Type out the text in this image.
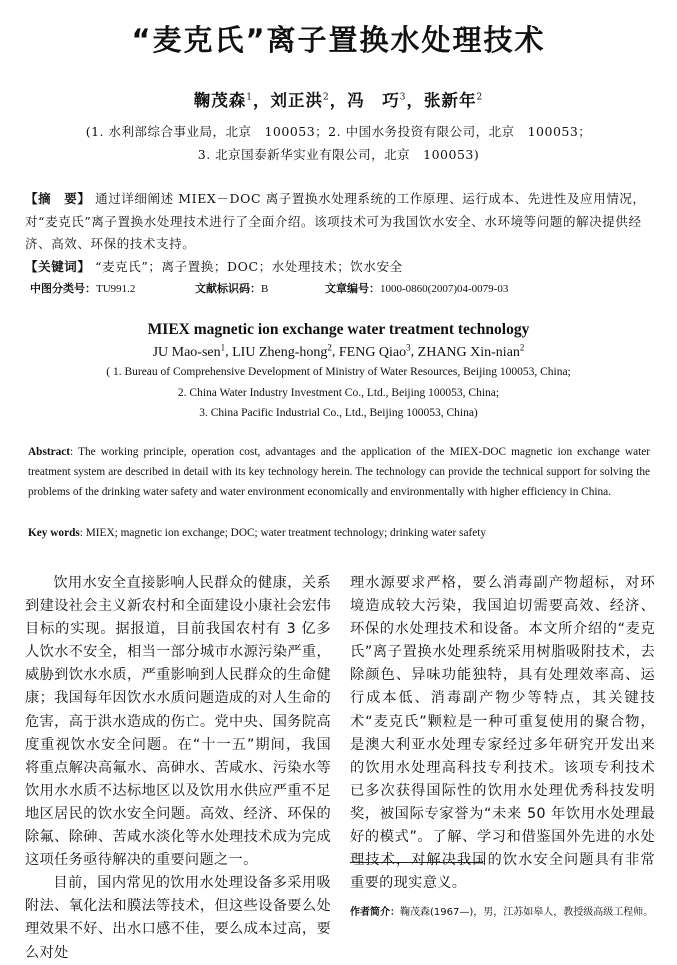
“麦克氏”离子置换水处理技术
鞠茂森$^1$，刘正洪$^2$，冯　巧$^3$，张新年$^2$
(1. 水利部综合事业局，北京　100053；2. 中国水务投资有限公司，北京　100053；
3. 北京国泰新华实业有限公司，北京　100053)
【摘　要】 通过详细阐述 MIEX－DOC 离子置换水处理系统的工作原理、运行成本、先进性及应用情况，对“麦克氏”离子置换水处理技术进行了全面介绍。该项技术可为我国饮水安全、水环境等问题的解决提供经济、高效、环保的技术支持。
【关键词】 “麦克氏”；离子置换；DOC；水处理技术；饮水安全
中图分类号：TU991.2	文献标识码：B	文章编号：1000-0860(2007)04-0079-03
MIEX magnetic ion exchange water treatment technology
JU Mao-sen$^1$, LIU Zheng-hong$^2$, FENG Qiao$^3$, ZHANG Xin-nian$^2$
( 1. Bureau of Comprehensive Development of Ministry of Water Resources, Beijing 100053, China;
2. China Water Industry Investment Co., Ltd., Beijing 100053, China;
3. China Pacific Industrial Co., Ltd., Beijing 100053, China)
Abstract: The working principle, operation cost, advantages and the application of the MIEX-DOC magnetic ion exchange water treatment system are described in detail with its key technology herein. The technology can provide the technical support for solving the problems of the drinking water safety and water environment economically and environmentally with higher efficiency in China.
Key words: MIEX; magnetic ion exchange; DOC; water treatment technology; drinking water safety

饮用水安全直接影响人民群众的健康，关系到建设社会主义新农村和全面建设小康社会宏伟目标的实现。据报道，目前我国农村有 3 亿多人饮水不安全，相当一部分城市水源污染严重，威胁到饮水水质，严重影响到人民群众的生命健康；我国每年因饮水水质问题造成的对人生命的危害，高于洪水造成的伤亡。党中央、国务院高度重视饮水安全问题。在“十一五”期间，我国将重点解决高氟水、高砷水、苦咸水、污染水等饮用水水质不达标地区以及饮用水供应严重不足地区居民的饮水安全问题。高效、经济、环保的除氟、除砷、苦咸水淡化等水处理技术成为完成这项任务亟待解决的重要问题之一。

目前，国内常见的饮用水处理设备多采用吸附法、氧化法和膜法等技术，但这些设备要么处理效果不好、出水口感不佳，要么成本过高，要么对处

理水源要求严格，要么消毒副产物超标，对环境造成较大污染，我国迫切需要高效、经济、环保的水处理技术和设备。本文所介绍的“麦克氏”离子置换水处理系统采用树脂吸附技术，去除颜色、异味功能独特，具有处理效率高、运行成本低、消毒副产物少等特点，其关键技术“麦克氏”颗粒是一种可重复使用的聚合物，是澳大利亚水处理专家经过多年研究开发出来的饮用水处理高科技专利技术。该项专利技术已多次获得国际性的饮用水处理优秀科技发明奖，被国际专家誉为“未来 50 年饮用水处理最好的模式”。了解、学习和借鉴国外先进的水处理技术，对解决我国的饮水安全问题具有非常重要的现实意义。

作者简介：鞠茂森(1967—)，男，江苏如皋人，教授级高级工程师。
